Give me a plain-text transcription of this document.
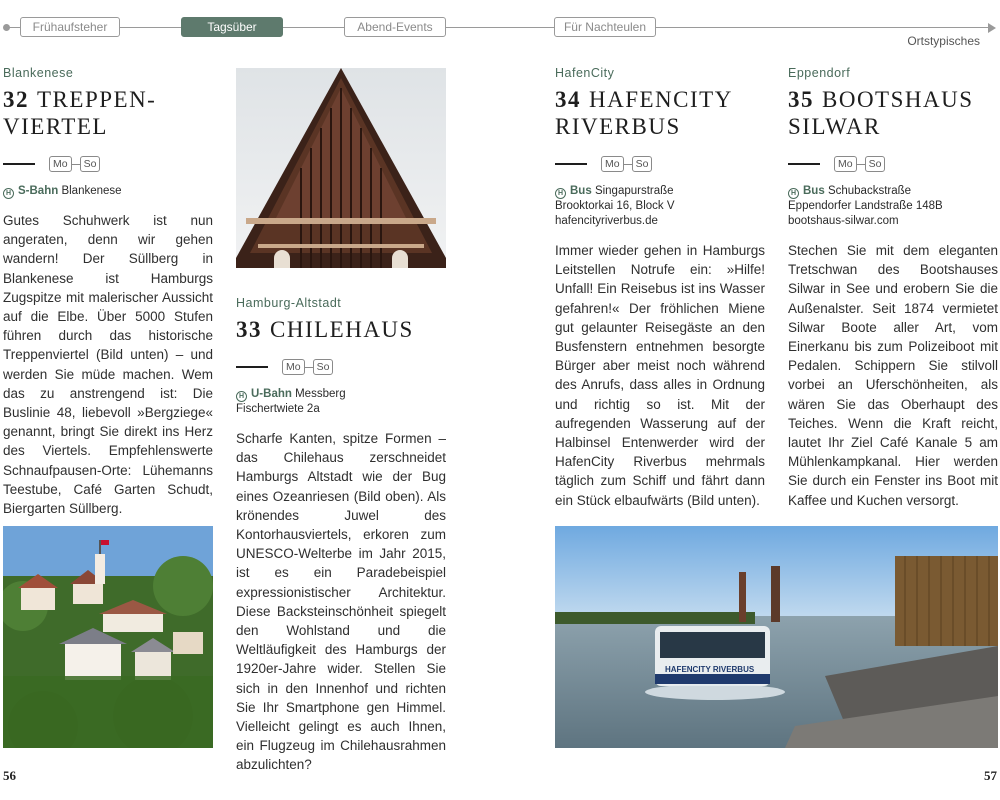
Frühaufsteher	Tagsüber	Abend-Events	Für Nachteulen
Ortstypisches
Blankenese
32 TREPPEN-
VIERTEL
Mo	So
H S-Bahn Blankenese
Gutes Schuhwerk ist nun angeraten, denn wir gehen wandern! Der Süllberg in Blankenese ist Hamburgs Zugspitze mit malerischer Aussicht auf die Elbe. Über 5000 Stufen führen durch das historische Treppenviertel (Bild unten) – und werden Sie müde machen. Wem das zu anstrengend ist: Die Buslinie 48, liebevoll »Bergziege« genannt, bringt Sie direkt ins Herz des Viertels. Empfehlenswerte Schnaufpausen-Orte: Lühemanns Teestube, Café Garten Schudt, Biergarten Süllberg.
Hamburg-Altstadt
33 CHILEHAUS
Mo	So
H U-Bahn Messberg
Fischertwiete 2a
Scharfe Kanten, spitze Formen – das Chilehaus zerschneidet Hamburgs Altstadt wie der Bug eines Ozeanriesen (Bild oben). Als krönendes Juwel des Kontorhausviertels, erkoren zum UNESCO-Welterbe im Jahr 2015, ist es ein Paradebeispiel expressionistischer Architektur. Diese Backsteinschönheit spiegelt den Wohlstand und die Weltläufigkeit des Hamburgs der 1920er-Jahre wider. Stellen Sie sich in den Innenhof und richten Sie Ihr Smartphone gen Himmel. Vielleicht gelingt es auch Ihnen, ein Flugzeug im Chilehausrahmen abzulichten?
HafenCity
34 HAFENCITY
RIVERBUS
Mo	So
H Bus Singapurstraße
Brooktorkai 16, Block V
hafencityriverbus.de
Immer wieder gehen in Hamburgs Leitstellen Notrufe ein: »Hilfe! Unfall! Ein Reisebus ist ins Wasser gefahren!« Der fröhlichen Miene gut gelaunter Reisegäste an den Busfenstern entnehmen besorgte Bürger aber meist noch während des Anrufs, dass alles in Ordnung und richtig so ist. Mit der aufregenden Wasserung auf der Halbinsel Entenwerder wird der HafenCity Riverbus mehrmals täglich zum Schiff und fährt dann ein Stück elbaufwärts (Bild unten).
Eppendorf
35 BOOTSHAUS
SILWAR
Mo	So
H Bus Schubackstraße
Eppendorfer Landstraße 148B
bootshaus-silwar.com
Stechen Sie mit dem eleganten Tretschwan des Bootshauses Silwar in See und erobern Sie die Außenalster. Seit 1874 vermietet Silwar Boote aller Art, vom Einerkanu bis zum Polizeiboot mit Pedalen. Schippern Sie stilvoll vorbei an Uferschönheiten, als wären Sie das Oberhaupt des Teiches. Wenn die Kraft reicht, lautet Ihr Ziel Café Kanale 5 am Mühlenkampkanal. Hier werden Sie durch ein Fenster ins Boot mit Kaffee und Kuchen versorgt.
HAFENCITY RIVERBUS
56	57
